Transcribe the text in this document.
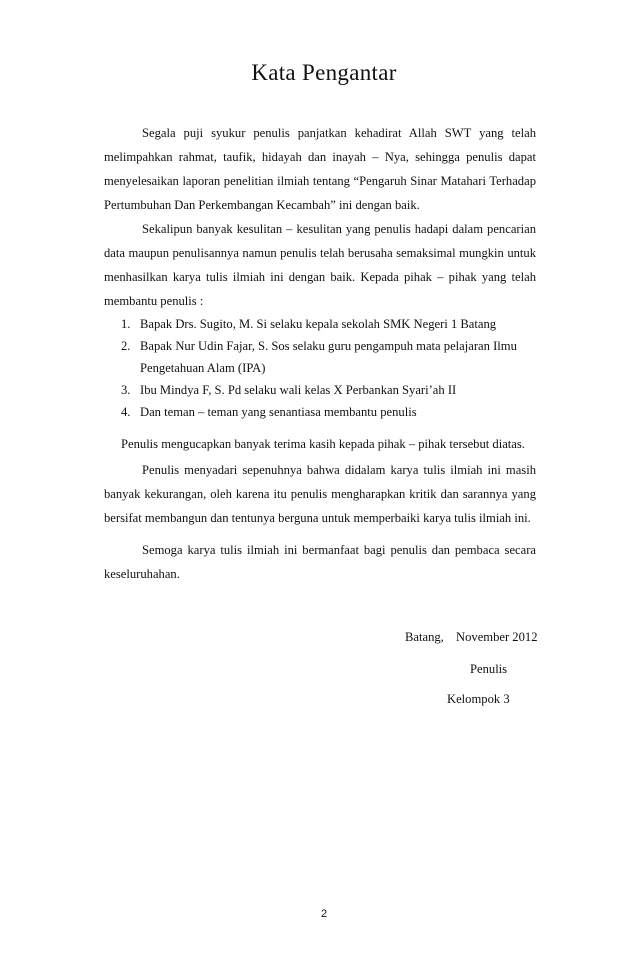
Kata Pengantar

Segala puji syukur penulis panjatkan kehadirat Allah SWT yang telah melimpahkan rahmat, taufik, hidayah dan inayah – Nya, sehingga penulis dapat menyelesaikan laporan penelitian ilmiah tentang “Pengaruh Sinar Matahari Terhadap Pertumbuhan Dan Perkembangan Kecambah” ini dengan baik.

Sekalipun banyak kesulitan – kesulitan yang penulis hadapi dalam pencarian data maupun penulisannya namun penulis telah berusaha semaksimal mungkin untuk menhasilkan karya tulis ilmiah ini dengan baik. Kepada pihak – pihak yang telah membantu penulis :

1. Bapak Drs. Sugito, M. Si selaku kepala sekolah SMK Negeri 1 Batang
2. Bapak Nur Udin Fajar, S. Sos selaku guru pengampuh mata pelajaran Ilmu Pengetahuan Alam (IPA)
3. Ibu Mindya F, S. Pd selaku wali kelas X Perbankan Syari’ah II
4. Dan teman – teman yang senantiasa membantu penulis

Penulis mengucapkan banyak terima kasih kepada pihak – pihak tersebut diatas.

Penulis menyadari sepenuhnya bahwa didalam karya tulis ilmiah ini masih banyak kekurangan, oleh karena itu penulis mengharapkan kritik dan sarannya yang bersifat membangun dan tentunya berguna untuk memperbaiki karya tulis ilmiah ini.

Semoga karya tulis ilmiah ini bermanfaat bagi penulis dan pembaca secara keseluruhahan.

Batang, November 2012
Penulis
Kelompok 3
2
